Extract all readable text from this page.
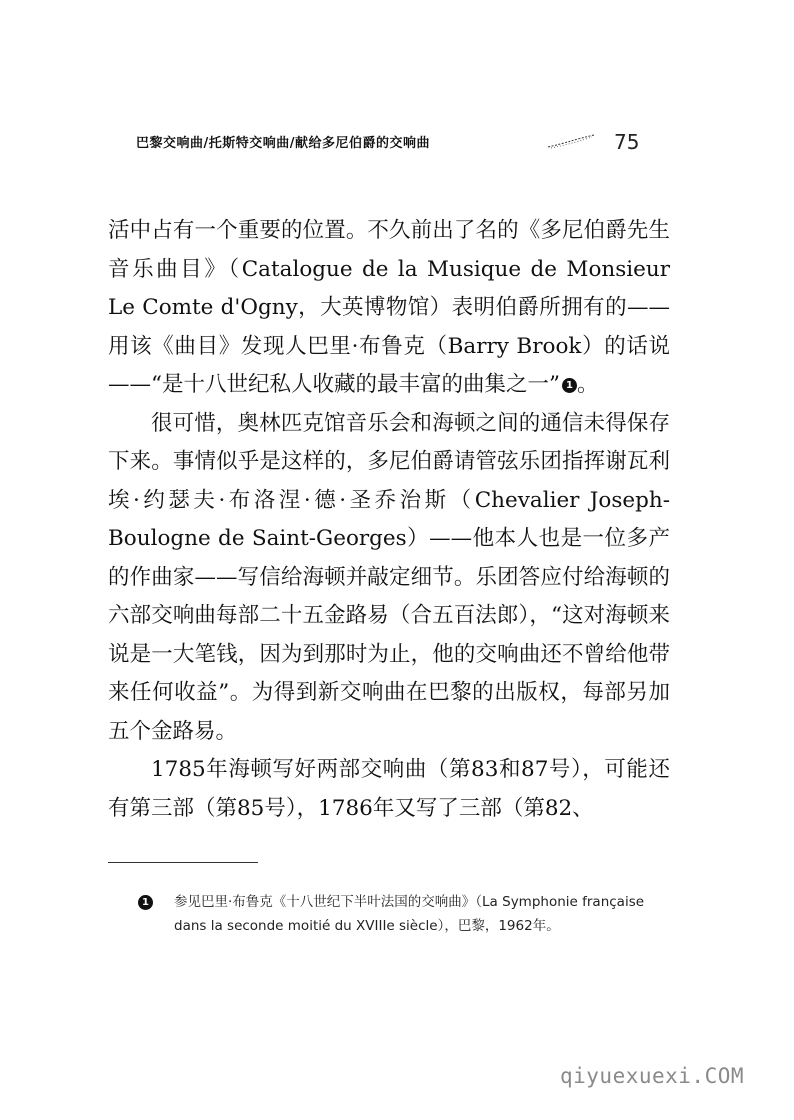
巴黎交响曲/托斯特交响曲/献给多尼伯爵的交响曲	75

活中占有一个重要的位置。不久前出了名的《多尼伯爵先生音乐曲目》（Catalogue de la Musique de Monsieur Le Comte d'Ogny，大英博物馆）表明伯爵所拥有的——用该《曲目》发现人巴里·布鲁克（Barry Brook）的话说——“是十八世纪私人收藏的最丰富的曲集之一” 1 。

很可惜，奥林匹克馆音乐会和海顿之间的通信未得保存下来。事情似乎是这样的，多尼伯爵请管弦乐团指挥谢瓦利埃·约瑟夫·布洛涅·德·圣乔治斯（Chevalier Joseph-Boulogne de Saint-Georges）——他本人也是一位多产的作曲家——写信给海顿并敲定细节。乐团答应付给海顿的六部交响曲每部二十五金路易（合五百法郎），“这对海顿来说是一大笔钱，因为到那时为止，他的交响曲还不曾给他带来任何收益”。为得到新交响曲在巴黎的出版权，每部另加五个金路易。

1785年海顿写好两部交响曲（第83和87号），可能还有第三部（第85号），1786年又写了三部（第82、

1 参见巴里·布鲁克《十八世纪下半叶法国的交响曲》（La Symphonie française dans la seconde moitié du XVIIIe siècle），巴黎，1962年。
qiyuexuexi.COM
